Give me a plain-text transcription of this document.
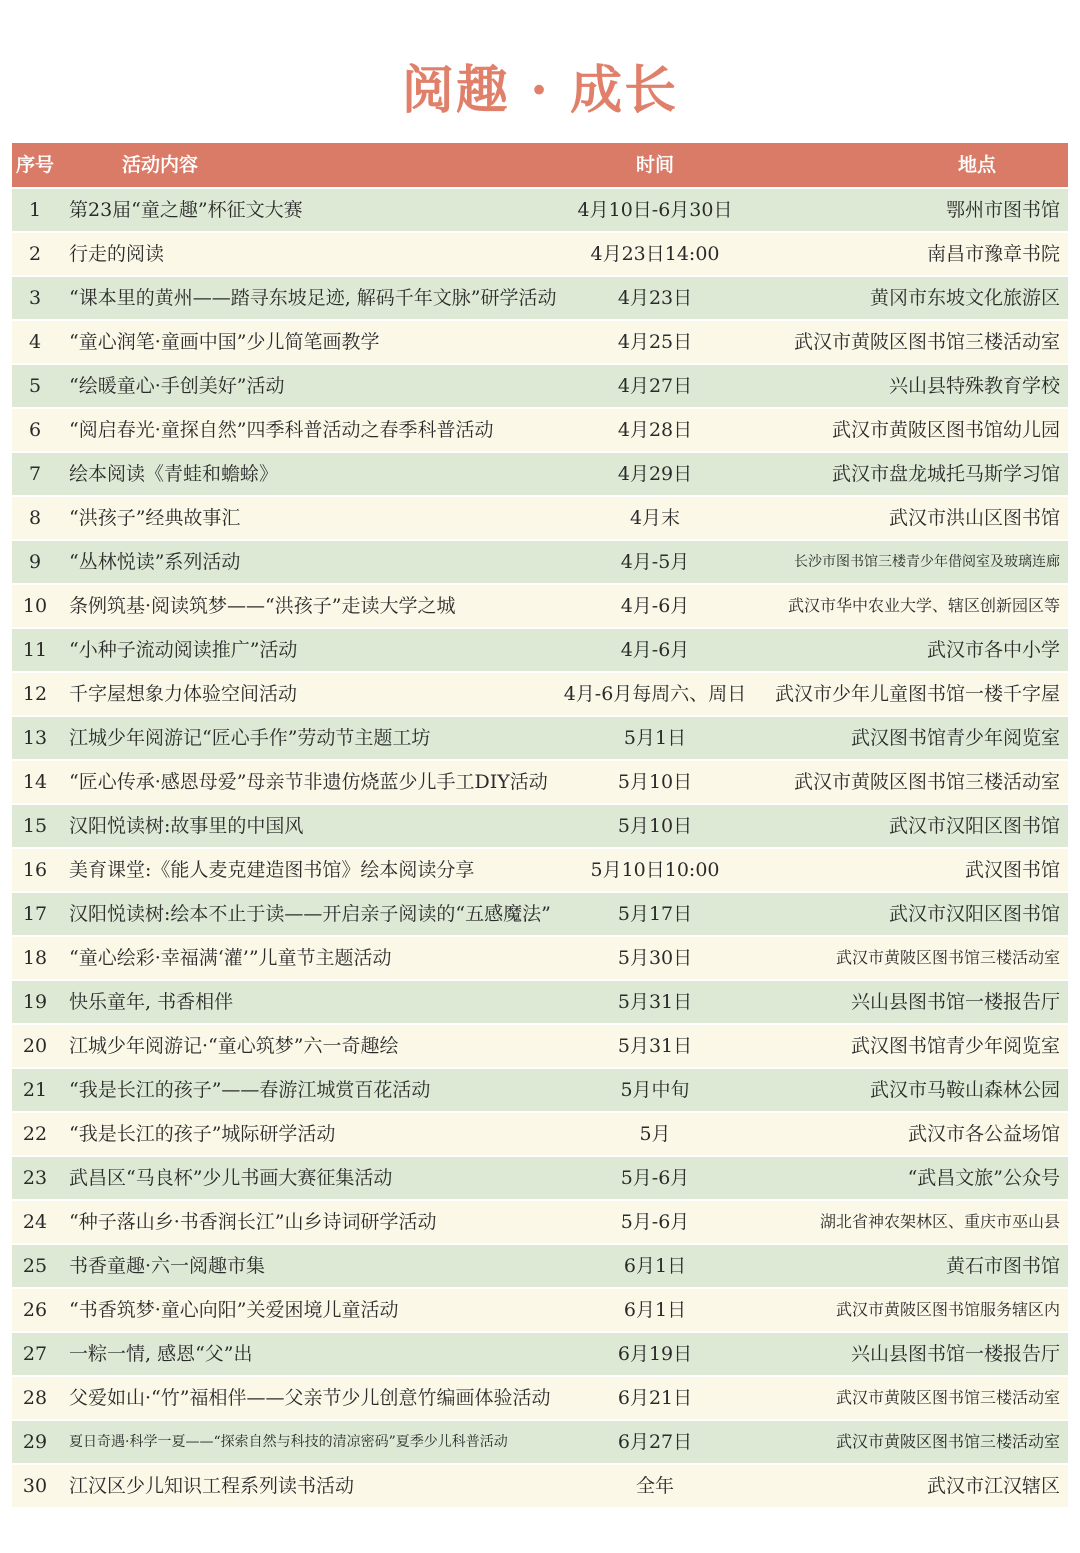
阅趣 · 成长
序号	活动内容	时间	地点
1	第23届“童之趣”杯征文大赛	4月10日-6月30日	鄂州市图书馆
2	行走的阅读	4月23日14:00	南昌市豫章书院
3	“课本里的黄州——踏寻东坡足迹, 解码千年文脉”研学活动	4月23日	黄冈市东坡文化旅游区
4	“童心润笔·童画中国”少儿简笔画教学	4月25日	武汉市黄陂区图书馆三楼活动室
5	“绘暖童心·手创美好”活动	4月27日	兴山县特殊教育学校
6	“阅启春光·童探自然”四季科普活动之春季科普活动	4月28日	武汉市黄陂区图书馆幼儿园
7	绘本阅读《青蛙和蟾蜍》	4月29日	武汉市盘龙城托马斯学习馆
8	“洪孩子”经典故事汇	4月末	武汉市洪山区图书馆
9	“丛林悦读”系列活动	4月-5月	长沙市图书馆三楼青少年借阅室及玻璃连廊
10	条例筑基·阅读筑梦——“洪孩子”走读大学之城	4月-6月	武汉市华中农业大学、辖区创新园区等
11	“小种子流动阅读推广”活动	4月-6月	武汉市各中小学
12	千字屋想象力体验空间活动	4月-6月每周六、周日	武汉市少年儿童图书馆一楼千字屋
13	江城少年阅游记“匠心手作”劳动节主题工坊	5月1日	武汉图书馆青少年阅览室
14	“匠心传承·感恩母爱”母亲节非遗仿烧蓝少儿手工DIY活动	5月10日	武汉市黄陂区图书馆三楼活动室
15	汉阳悦读树:故事里的中国风	5月10日	武汉市汉阳区图书馆
16	美育课堂:《能人麦克建造图书馆》绘本阅读分享	5月10日10:00	武汉图书馆
17	汉阳悦读树:绘本不止于读——开启亲子阅读的“五感魔法”	5月17日	武汉市汉阳区图书馆
18	“童心绘彩·幸福满‘灌’”儿童节主题活动	5月30日	武汉市黄陂区图书馆三楼活动室
19	快乐童年, 书香相伴	5月31日	兴山县图书馆一楼报告厅
20	江城少年阅游记·“童心筑梦”六一奇趣绘	5月31日	武汉图书馆青少年阅览室
21	“我是长江的孩子”——春游江城赏百花活动	5月中旬	武汉市马鞍山森林公园
22	“我是长江的孩子”城际研学活动	5月	武汉市各公益场馆
23	武昌区“马良杯”少儿书画大赛征集活动	5月-6月	“武昌文旅”公众号
24	“种子落山乡·书香润长江”山乡诗词研学活动	5月-6月	湖北省神农架林区、重庆市巫山县
25	书香童趣·六一阅趣市集	6月1日	黄石市图书馆
26	“书香筑梦·童心向阳”关爱困境儿童活动	6月1日	武汉市黄陂区图书馆服务辖区内
27	一粽一情, 感恩“父”出	6月19日	兴山县图书馆一楼报告厅
28	父爱如山·“竹”福相伴——父亲节少儿创意竹编画体验活动	6月21日	武汉市黄陂区图书馆三楼活动室
29	夏日奇遇·科学一夏——“探索自然与科技的清凉密码”夏季少儿科普活动	6月27日	武汉市黄陂区图书馆三楼活动室
30	江汉区少儿知识工程系列读书活动	全年	武汉市江汉辖区
